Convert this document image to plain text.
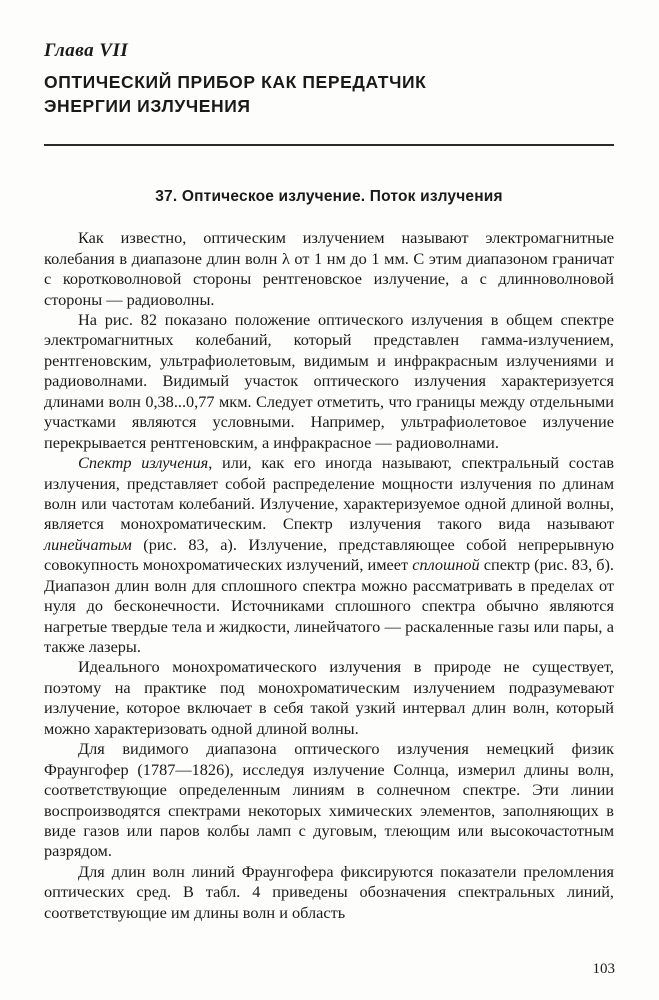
Глава VII
ОПТИЧЕСКИЙ ПРИБОР КАК ПЕРЕДАТЧИК
ЭНЕРГИИ ИЗЛУЧЕНИЯ
37. Оптическое излучение. Поток излучения

Как известно, оптическим излучением называют электромагнитные колебания в диапазоне длин волн λ от 1 нм до 1 мм. С этим диапазоном граничат с коротковолновой стороны рентгеновское излучение, а с длинноволновой стороны — радиоволны.

На рис. 82 показано положение оптического излучения в общем спектре электромагнитных колебаний, который представлен гамма-излучением, рентгеновским, ультрафиолетовым, видимым и инфракрасным излучениями и радиоволнами. Видимый участок оптического излучения характеризуется длинами волн 0,38...0,77 мкм. Следует отметить, что границы между отдельными участками являются условными. Например, ультрафиолетовое излучение перекрывается рентгеновским, а инфракрасное — радиоволнами.

Спектр излучения, или, как его иногда называют, спектральный состав излучения, представляет собой распределение мощности излучения по длинам волн или частотам колебаний. Излучение, характеризуемое одной длиной волны, является монохроматическим. Спектр излучения такого вида называют линейчатым (рис. 83, а). Излучение, представляющее собой непрерывную совокупность монохроматических излучений, имеет сплошной спектр (рис. 83, б). Диапазон длин волн для сплошного спектра можно рассматривать в пределах от нуля до бесконечности. Источниками сплошного спектра обычно являются нагретые твердые тела и жидкости, линейчатого — раскаленные газы или пары, а также лазеры.

Идеального монохроматического излучения в природе не существует, поэтому на практике под монохроматическим излучением подразумевают излучение, которое включает в себя такой узкий интервал длин волн, который можно характеризовать одной длиной волны.

Для видимого диапазона оптического излучения немецкий физик Фраунгофер (1787—1826), исследуя излучение Солнца, измерил длины волн, соответствующие определенным линиям в солнечном спектре. Эти линии воспроизводятся спектрами некоторых химических элементов, заполняющих в виде газов или паров колбы ламп с дуговым, тлеющим или высокочастотным разрядом.

Для длин волн линий Фраунгофера фиксируются показатели преломления оптических сред. В табл. 4 приведены обозначения спектральных линий, соответствующие им длины волн и область

103
